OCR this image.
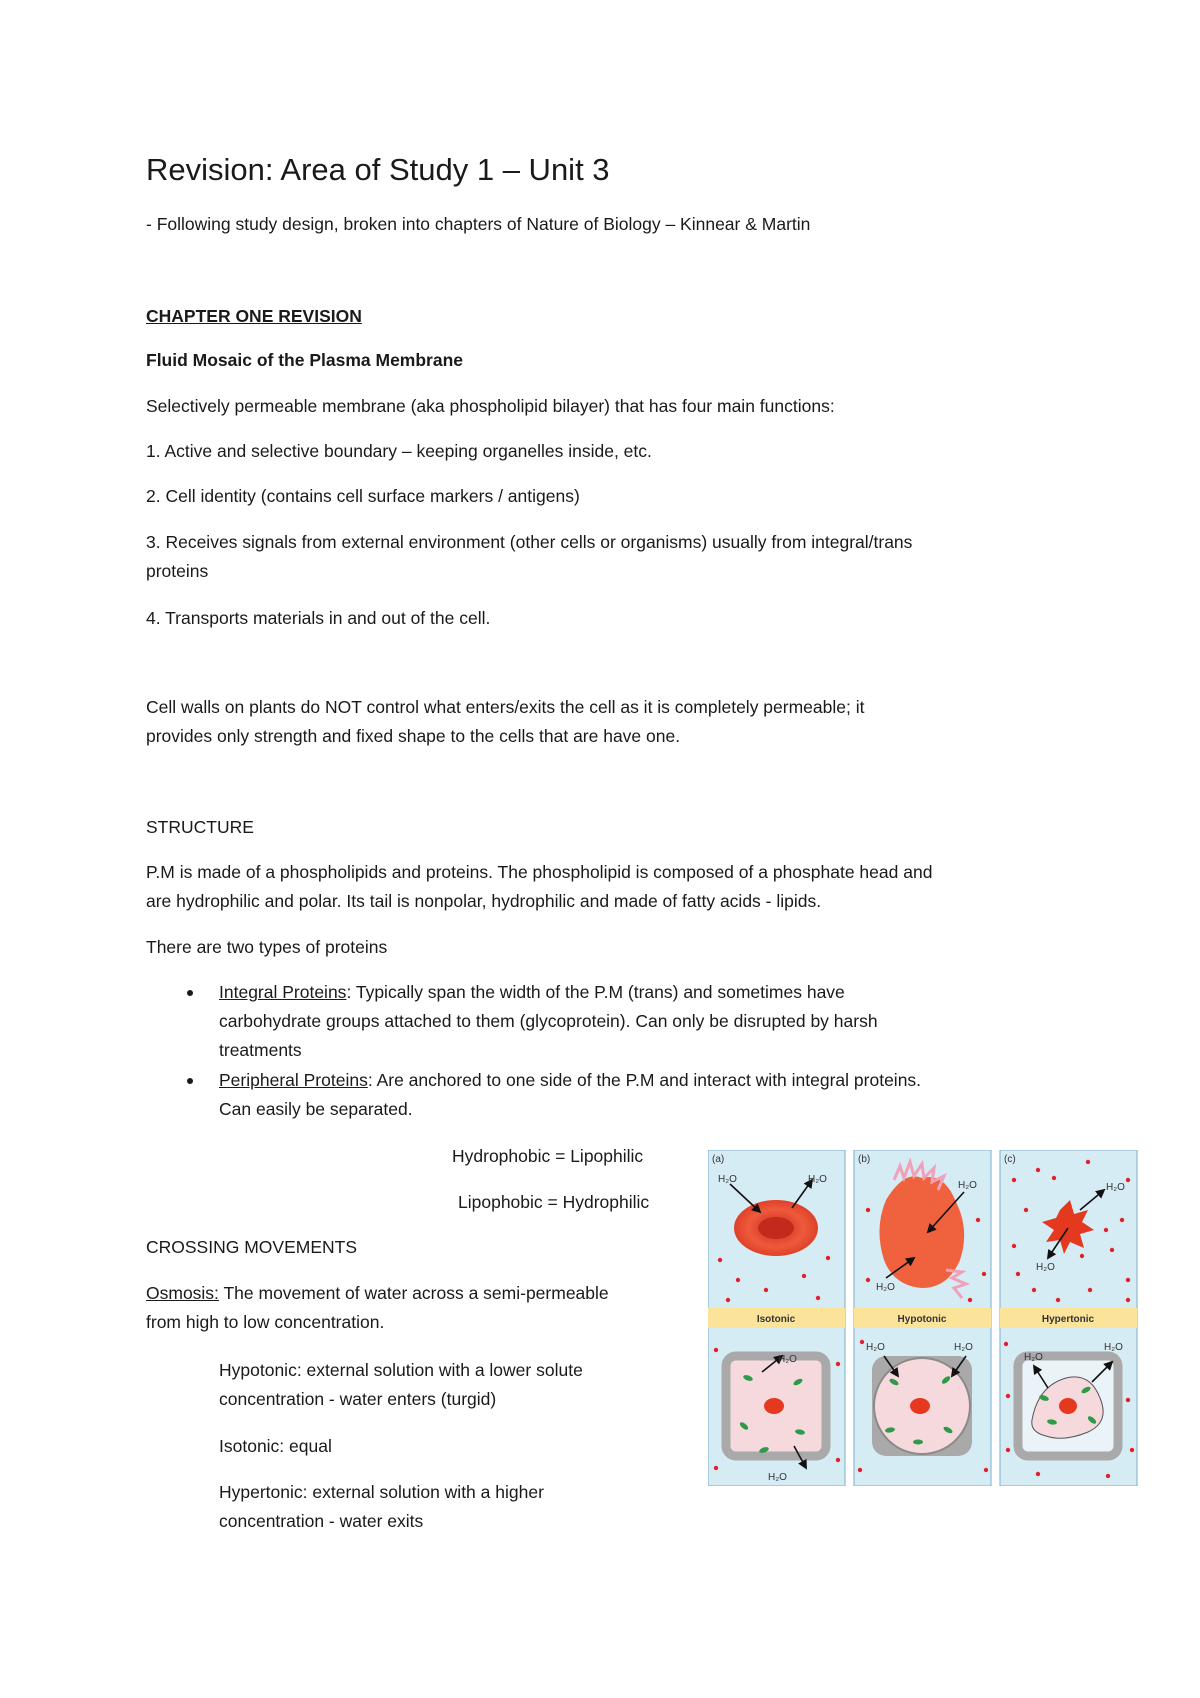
Revision: Area of Study 1 – Unit 3
- Following study design, broken into chapters of Nature of Biology – Kinnear & Martin
CHAPTER ONE REVISION
Fluid Mosaic of the Plasma Membrane
Selectively permeable membrane (aka phospholipid bilayer) that has four main functions:
1. Active and selective boundary – keeping organelles inside, etc.
2. Cell identity (contains cell surface markers / antigens)
3. Receives signals from external environment (other cells or organisms) usually from integral/trans
proteins
4. Transports materials in and out of the cell.
Cell walls on plants do NOT control what enters/exits the cell as it is completely permeable; it
provides only strength and fixed shape to the cells that are have one.
STRUCTURE
P.M is made of a phospholipids and proteins. The phospholipid is composed of a phosphate head and
are hydrophilic and polar. Its tail is nonpolar, hydrophilic and made of fatty acids - lipids.
There are two types of proteins
Integral Proteins: Typically span the width of the P.M (trans) and sometimes have
carbohydrate groups attached to them (glycoprotein). Can only be disrupted by harsh
treatments
Peripheral Proteins: Are anchored to one side of the P.M and interact with integral proteins.
Can easily be separated.
Hydrophobic = Lipophilic
Lipophobic = Hydrophilic
CROSSING MOVEMENTS
Osmosis: The movement of water across a semi-permeable
from high to low concentration.
Hypotonic: external solution with a lower solute
concentration - water enters (turgid)
Isotonic: equal
Hypertonic: external solution with a higher
concentration - water exits
(a)	(b)	(c)
H₂O	H₂O
H₂O
H₂O
H₂O
H₂O
Isotonic	Hypotonic	Hypertonic
H₂O
H₂O
H₂O	H₂O
H₂O
H₂O
